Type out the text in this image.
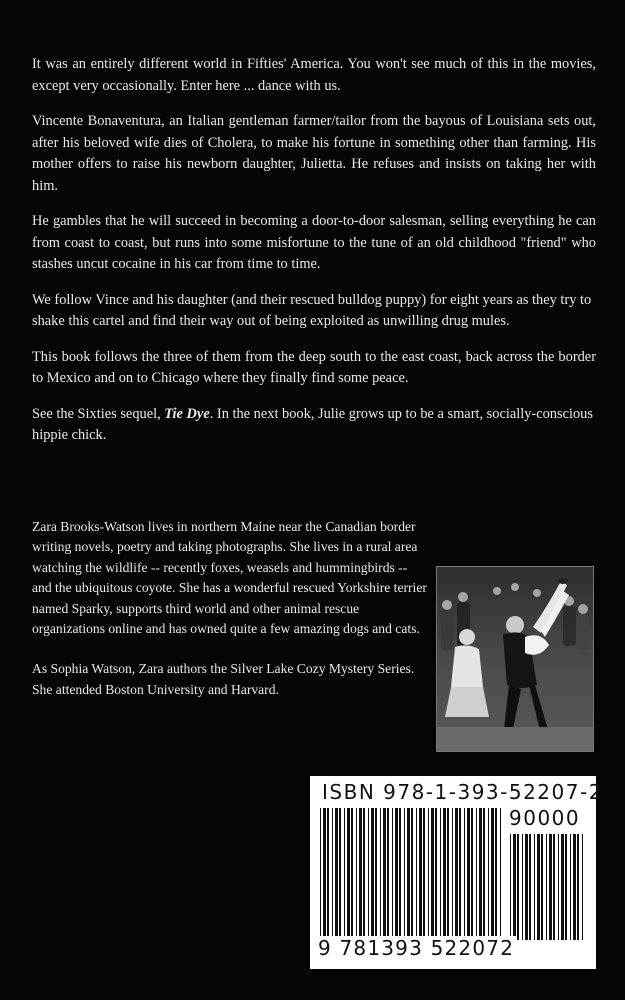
It was an entirely different world in Fifties' America. You won't see much of this in the movies, except very occasionally. Enter here ... dance with us.

Vincente Bonaventura, an Italian gentleman farmer/tailor from the bayous of Louisiana sets out, after his beloved wife dies of Cholera, to make his fortune in something other than farming. His mother offers to raise his newborn daughter, Julietta. He refuses and insists on taking her with him.

He gambles that he will succeed in becoming a door-to-door salesman, selling everything he can from coast to coast, but runs into some misfortune to the tune of an old childhood "friend" who stashes uncut cocaine in his car from time to time.

We follow Vince and his daughter (and their rescued bulldog puppy) for eight years as they try to shake this cartel and find their way out of being exploited as unwilling drug mules.

This book follows the three of them from the deep south to the east coast, back across the border to Mexico and on to Chicago where they finally find some peace.

See the Sixties sequel, Tie Dye. In the next book, Julie grows up to be a smart, socially-conscious hippie chick.

Zara Brooks-Watson lives in northern Maine near the Canadian border writing novels, poetry and taking photographs. She lives in a rural area watching the wildlife -- recently foxes, weasels and hummingbirds -- and the ubiquitous coyote. She has a wonderful rescued Yorkshire terrier named Sparky, supports third world and other animal rescue organizations online and has owned quite a few amazing dogs and cats.

As Sophia Watson, Zara authors the Silver Lake Cozy Mystery Series. She attended Boston University and Harvard.

ISBN 978-1-393-52207-2
90000
9 781393 522072
